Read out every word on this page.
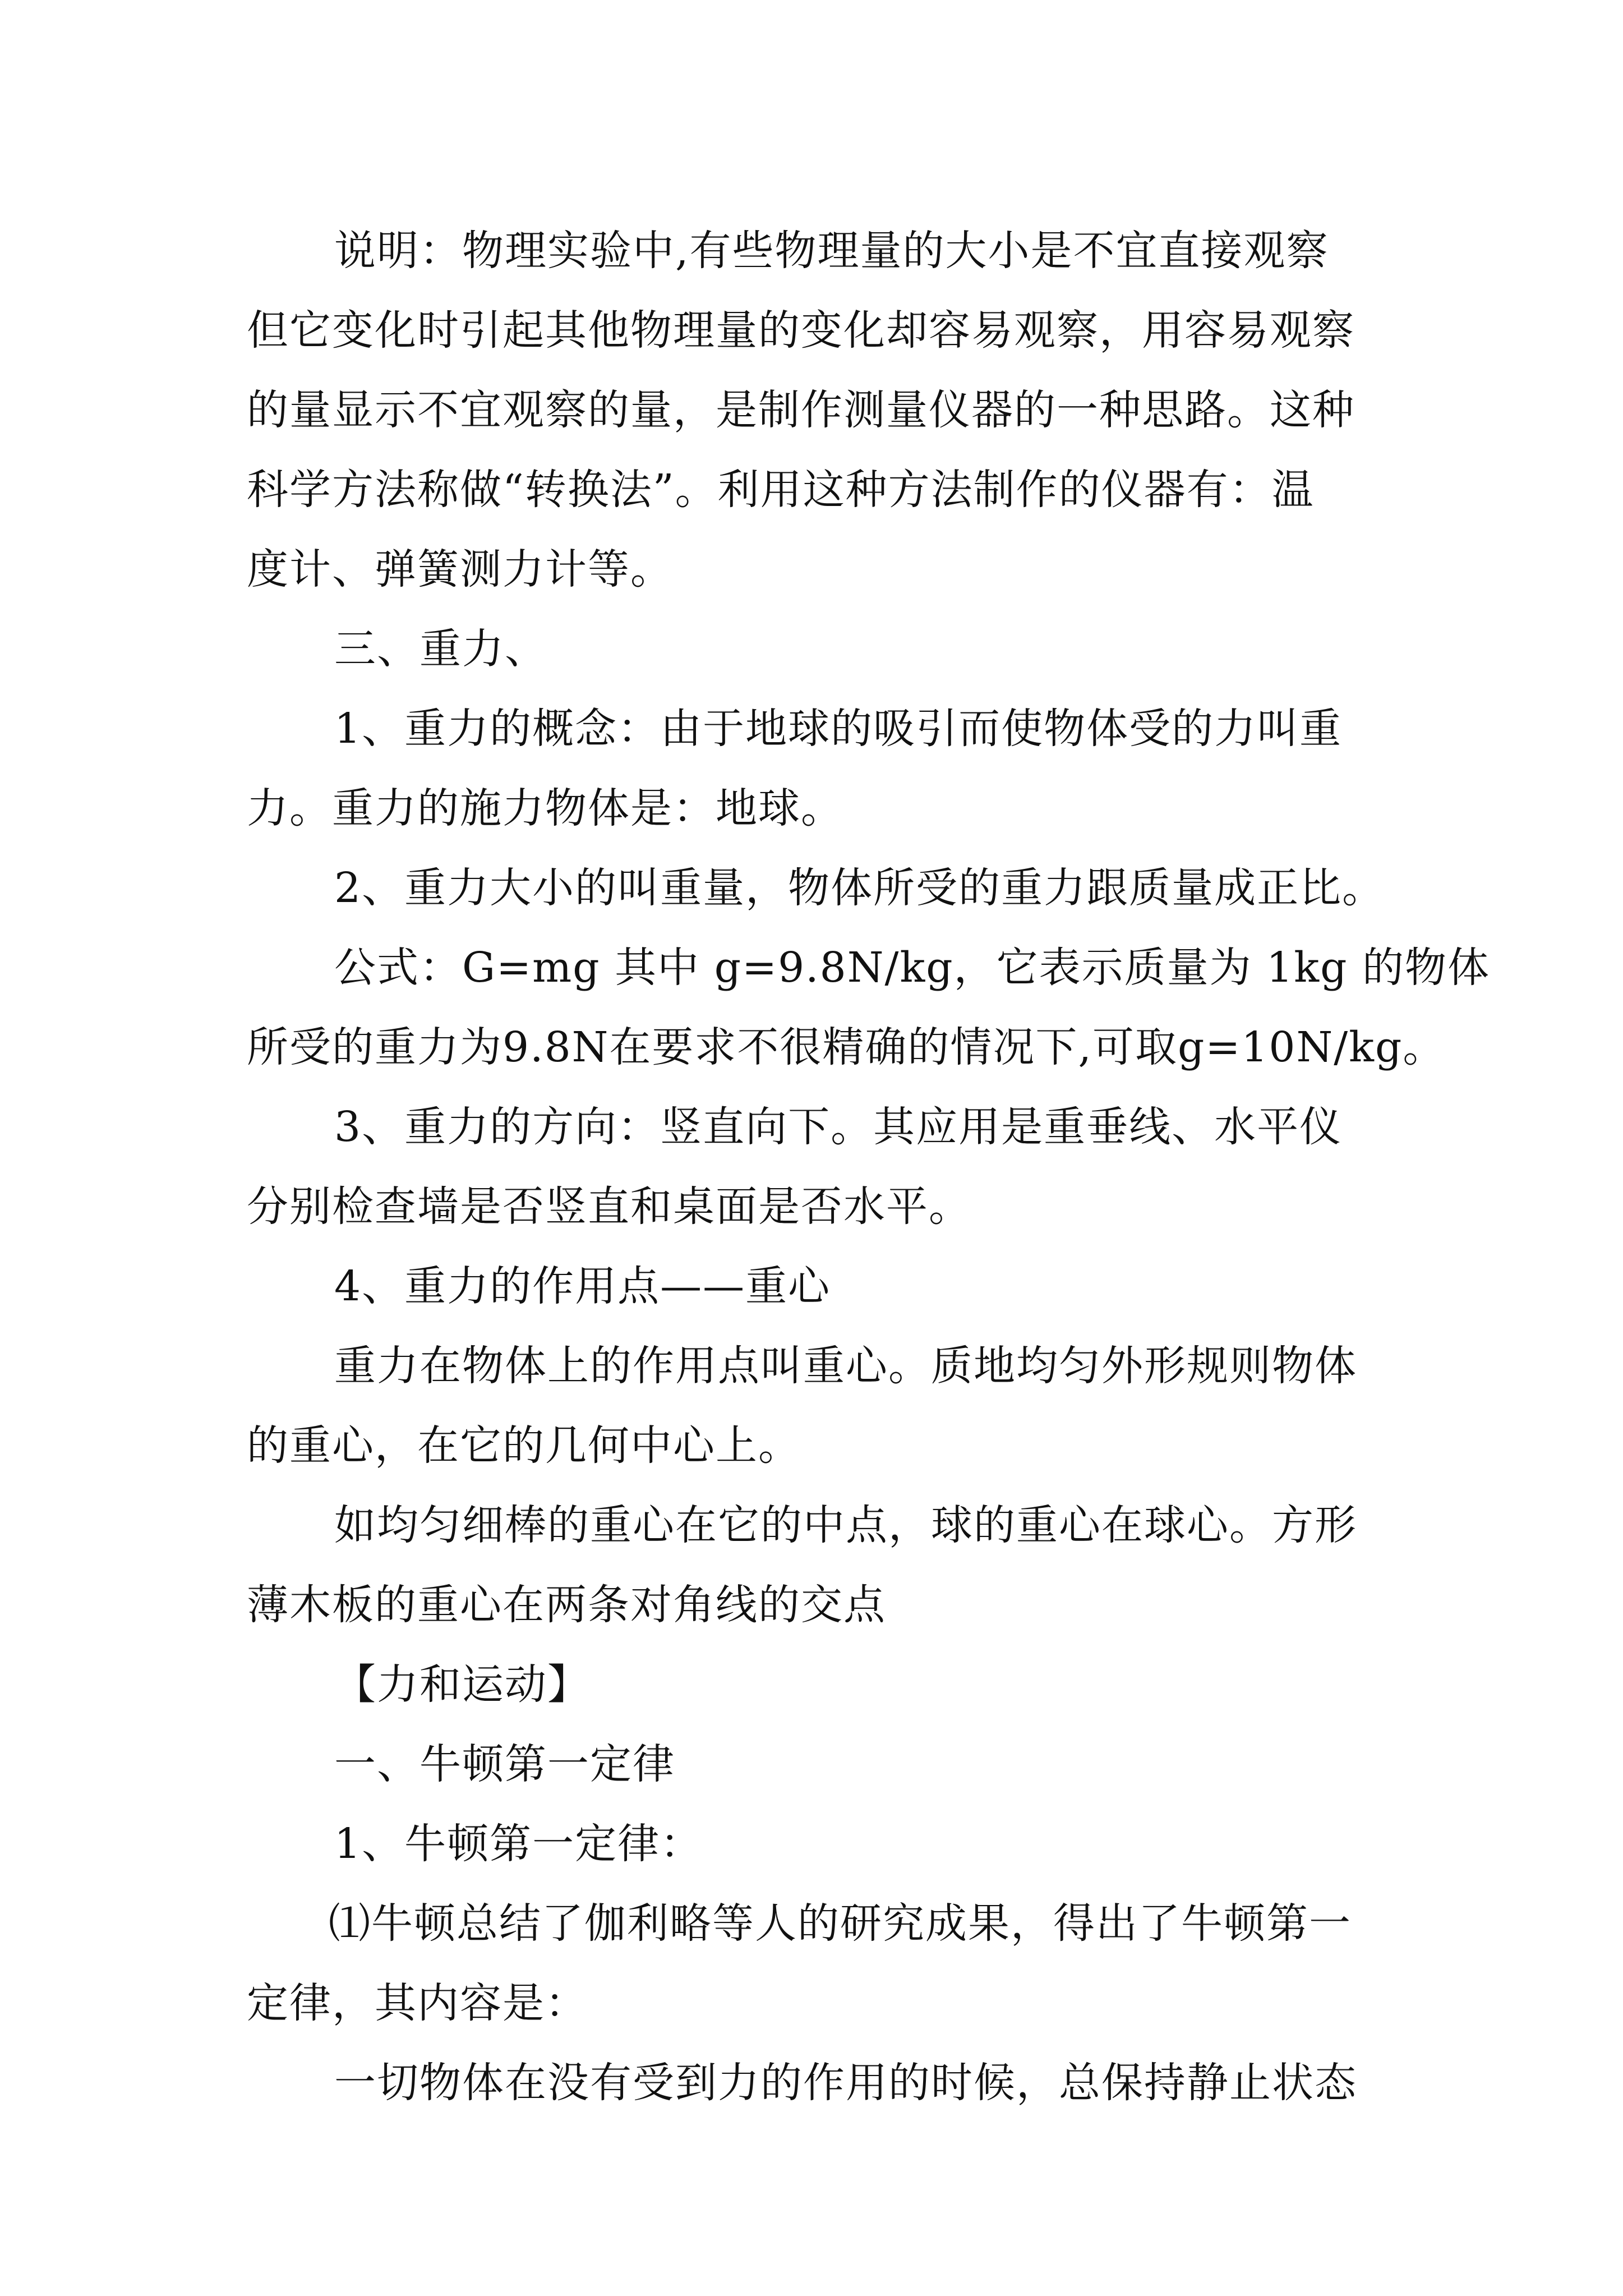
说明：物理实验中,有些物理量的大小是不宜直接观察

但它变化时引起其他物理量的变化却容易观察，用容易观察

的量显示不宜观察的量，是制作测量仪器的一种思路。这种

科学方法称做“转换法”。利用这种方法制作的仪器有：温

度计、弹簧测力计等。

三、重力、

1、重力的概念：由于地球的吸引而使物体受的力叫重

力。重力的施力物体是：地球。

2、重力大小的叫重量，物体所受的重力跟质量成正比。

公式：G=mg 其中 g=9.8N/kg，它表示质量为 1kg 的物体

所受的重力为9.8N在要求不很精确的情况下,可取g=10N/kg。

3、重力的方向：竖直向下。其应用是重垂线、水平仪

分别检查墙是否竖直和桌面是否水平。

4、重力的作用点——重心

重力在物体上的作用点叫重心。质地均匀外形规则物体

的重心，在它的几何中心上。

如均匀细棒的重心在它的中点，球的重心在球心。方形

薄木板的重心在两条对角线的交点

【力和运动】

一、牛顿第一定律

1、牛顿第一定律：

⑴牛顿总结了伽利略等人的研究成果，得出了牛顿第一

定律，其内容是：

一切物体在没有受到力的作用的时候，总保持静止状态
